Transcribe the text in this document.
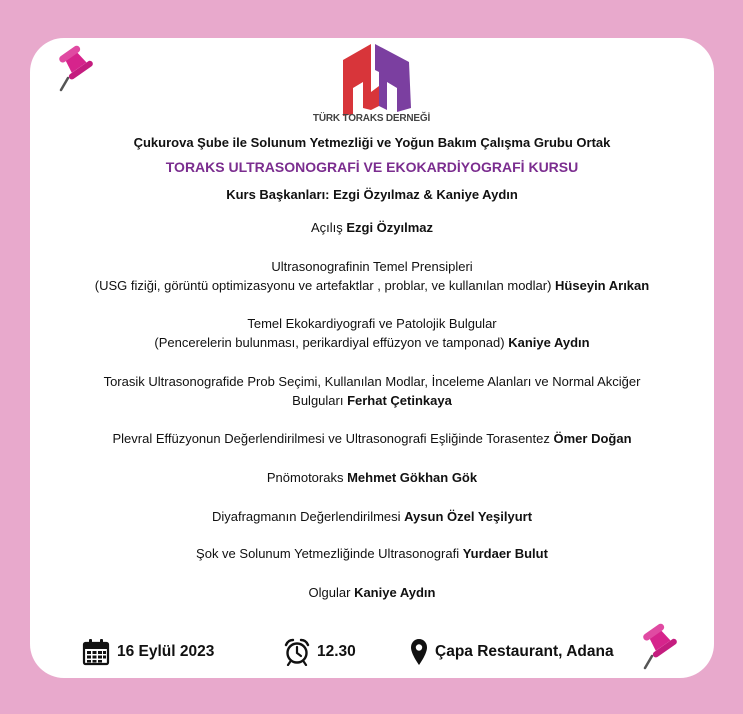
TÜRK TORAKS DERNEĞİ
Çukurova Şube ile Solunum Yetmezliği ve Yoğun Bakım Çalışma Grubu Ortak
TORAKS ULTRASONOGRAFİ VE EKOKARDİYOGRAFİ KURSU
Kurs Başkanları: Ezgi Özyılmaz & Kaniye Aydın
Açılış Ezgi Özyılmaz
Ultrasonografinin Temel Prensipleri
(USG fiziği, görüntü optimizasyonu ve artefaktlar , problar, ve kullanılan modlar) Hüseyin Arıkan
Temel Ekokardiyografi ve Patolojik Bulgular
(Pencerelerin bulunması, perikardiyal effüzyon ve tamponad) Kaniye Aydın
Torasik Ultrasonografide Prob Seçimi, Kullanılan Modlar, İnceleme Alanları ve Normal Akciğer
Bulguları Ferhat Çetinkaya
Plevral Effüzyonun Değerlendirilmesi ve Ultrasonografi Eşliğinde Torasentez Ömer Doğan
Pnömotoraks Mehmet Gökhan Gök
Diyafragmanın Değerlendirilmesi Aysun Özel Yeşilyurt
Şok ve Solunum Yetmezliğinde Ultrasonografi Yurdaer Bulut
Olgular Kaniye Aydın
16 Eylül 2023	12.30	Çapa Restaurant, Adana
